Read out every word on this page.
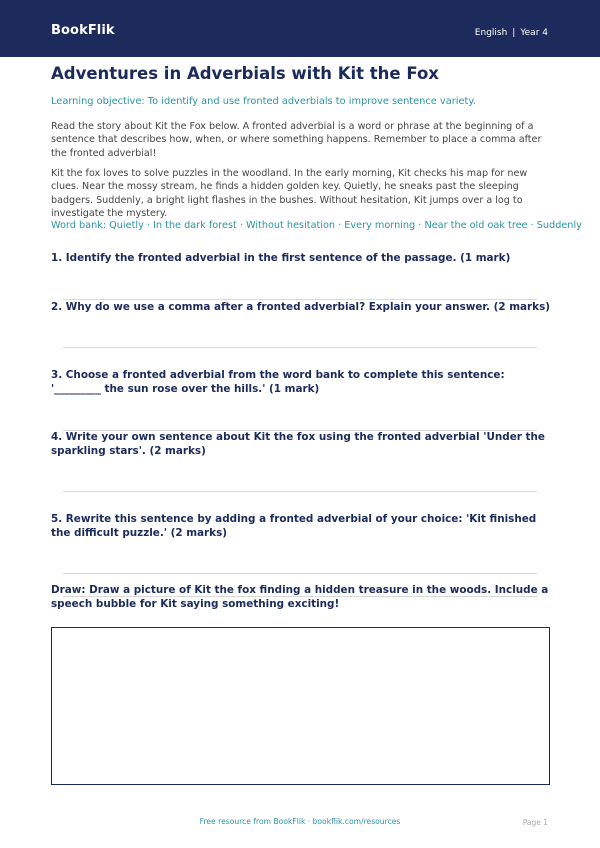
BookFlik	English | Year 4
Adventures in Adverbials with Kit the Fox
Learning objective: To identify and use fronted adverbials to improve sentence variety.
Read the story about Kit the Fox below. A fronted adverbial is a word or phrase at the beginning of a sentence that describes how, when, or where something happens. Remember to place a comma after the fronted adverbial!
Kit the fox loves to solve puzzles in the woodland. In the early morning, Kit checks his map for new clues. Near the mossy stream, he finds a hidden golden key. Quietly, he sneaks past the sleeping badgers. Suddenly, a bright light flashes in the bushes. Without hesitation, Kit jumps over a log to investigate the mystery.
Word bank: Quietly · In the dark forest · Without hesitation · Every morning · Near the old oak tree · Suddenly
1. Identify the fronted adverbial in the first sentence of the passage. (1 mark)
2. Why do we use a comma after a fronted adverbial? Explain your answer. (2 marks)
3. Choose a fronted adverbial from the word bank to complete this sentence: '_________ the sun rose over the hills.' (1 mark)
4. Write your own sentence about Kit the fox using the fronted adverbial 'Under the sparkling stars'. (2 marks)
5. Rewrite this sentence by adding a fronted adverbial of your choice: 'Kit finished the difficult puzzle.' (2 marks)
Draw: Draw a picture of Kit the fox finding a hidden treasure in the woods. Include a speech bubble for Kit saying something exciting!
Free resource from BookFlik · bookflik.com/resources	Page 1
